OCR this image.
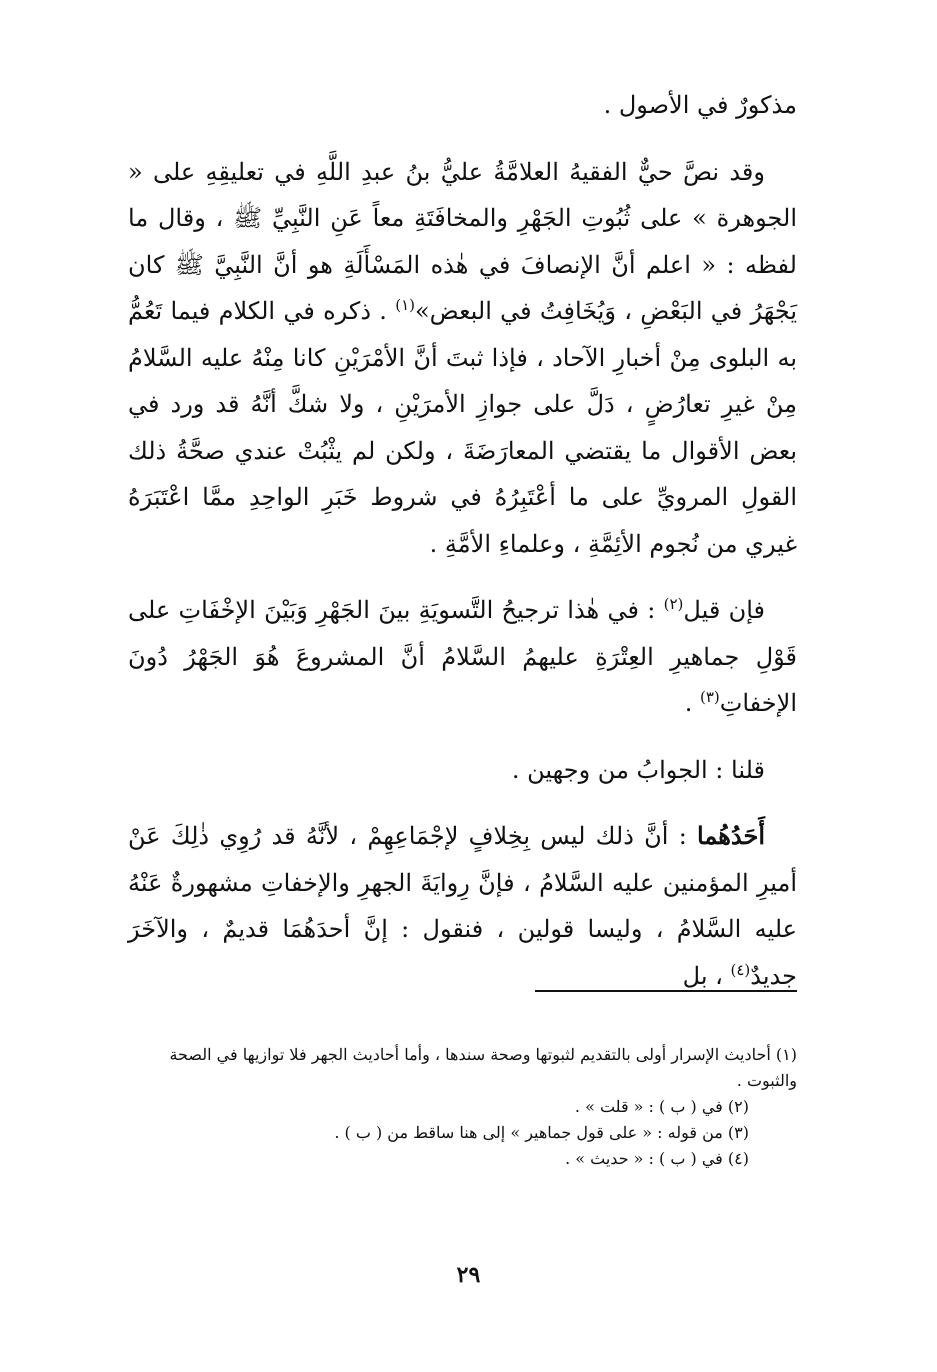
مذكورٌ في الأصول .

وقد نصَّ حيٌّ الفقيهُ العلامَّةُ عليُّ بنُ عبدِ اللَّهِ في تعليقِهِ على « الجوهرة » على ثُبُوتِ الجَهْرِ والمخافَتَةِ معاً عَنِ النَّبِيِّ ﷺ ، وقال ما لفظه : « اعلم أنَّ الإنصافَ في هٰذه المَسْأَلَةِ هو أنَّ النَّبِيَّ ﷺ كان يَجْهَرُ في البَعْضِ ، وَيُخَافِتُ في البعض»$^{(١)}$ . ذكره في الكلام فيما تَعُمُّ به البلوى مِنْ أخبارِ الآحاد ، فإذا ثبتَ أنَّ الأمْرَيْنِ كانا مِنْهُ عليه السَّلامُ مِنْ غيرِ تعارُضٍ ، دَلَّ على جوازِ الأمرَيْنِ ، ولا شكَّ أنَّهُ قد ورد في بعض الأقوال ما يقتضي المعارَضَةَ ، ولكن لم يثْبُتْ عندي صحَّةُ ذلك القولِ المرويِّ على ما أعْتَبِرُهُ في شروط خَبَرِ الواحِدِ ممَّا اعْتَبَرَهُ غيري من نُجوم الأئِمَّةِ ، وعلماءِ الأمَّةِ .

فإن قيل$^{(٢)}$ : في هٰذا ترجيحُ التَّسويَةِ بينَ الجَهْرِ وَبَيْنَ الإخْفَاتِ على قَوْلِ جماهيرِ العِتْرَةِ عليهمُ السَّلامُ أنَّ المشروعَ هُوَ الجَهْرُ دُونَ الإخفاتِ$^{(٣)}$ .

قلنا : الجوابُ من وجهين .

أَحَدُهُما : أنَّ ذلك ليس بِخِلافٍ لإجْمَاعِهِمْ ، لأنَّهُ قد رُوِي ذٰلِكَ عَنْ أميرِ المؤمنين عليه السَّلامُ ، فإنَّ رِوايَةَ الجهرِ والإخفاتِ مشهورةٌ عَنْهُ عليه السَّلامُ ، وليسا قولين ، فنقول : إنَّ أحدَهُمَا قديمٌ ، والآخَرَ جديدٌ$^{(٤)}$ ، بل

(١) أحاديث الإسرار أولى بالتقديم لثبوتها وصحة سندها ، وأما أحاديث الجهر فلا توازيها في الصحة والثبوت .

(٢) في ( ب ) : « قلت » .

(٣) من قوله : « على قول جماهير » إلى هنا ساقط من ( ب ) .

(٤) في ( ب ) : « حديث » .

٢٩
